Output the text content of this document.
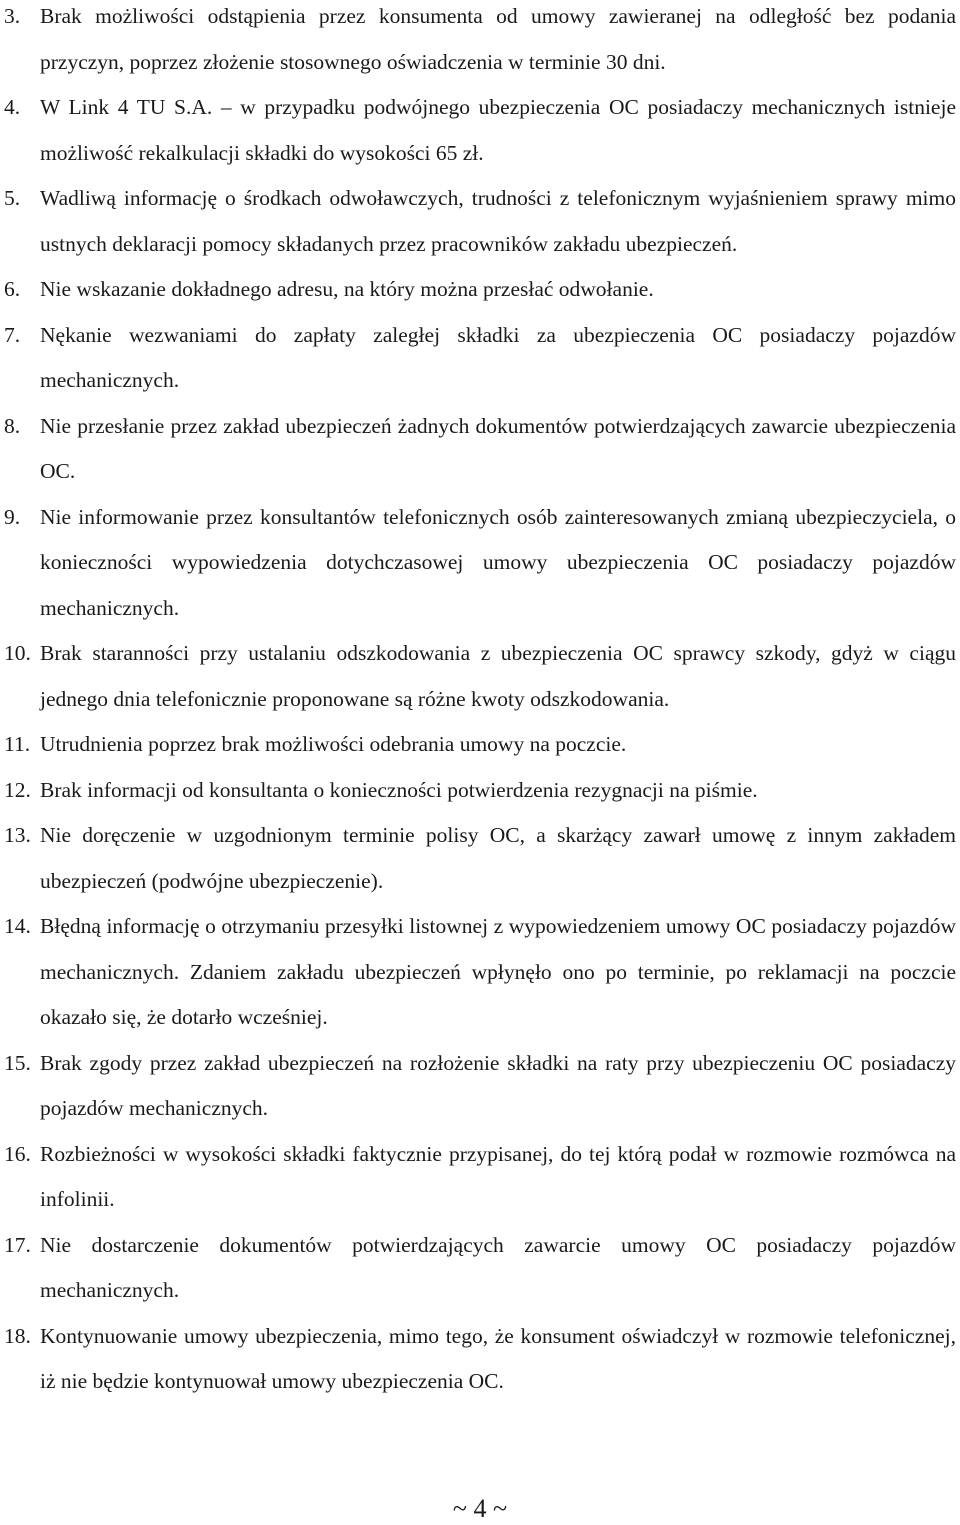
3. Brak możliwości odstąpienia przez konsumenta od umowy zawieranej na odległość bez podania przyczyn, poprzez złożenie stosownego oświadczenia w terminie 30 dni.
4. W Link 4 TU S.A. – w przypadku podwójnego ubezpieczenia OC posiadaczy mechanicznych istnieje możliwość rekalkulacji składki do wysokości 65 zł.
5. Wadliwą informację o środkach odwoławczych, trudności z telefonicznym wyjaśnieniem sprawy mimo ustnych deklaracji pomocy składanych przez pracowników zakładu ubezpieczeń.
6. Nie wskazanie dokładnego adresu, na który można przesłać odwołanie.
7. Nękanie wezwaniami do zapłaty zaległej składki za ubezpieczenia OC posiadaczy pojazdów mechanicznych.
8. Nie przesłanie przez zakład ubezpieczeń żadnych dokumentów potwierdzających zawarcie ubezpieczenia OC.
9. Nie informowanie przez konsultantów telefonicznych osób zainteresowanych zmianą ubezpieczyciela, o konieczności wypowiedzenia dotychczasowej umowy ubezpieczenia OC posiadaczy pojazdów mechanicznych.
10. Brak staranności przy ustalaniu odszkodowania z ubezpieczenia OC sprawcy szkody, gdyż w ciągu jednego dnia telefonicznie proponowane są różne kwoty odszkodowania.
11. Utrudnienia poprzez brak możliwości odebrania umowy na poczcie.
12. Brak informacji od konsultanta o konieczności potwierdzenia rezygnacji na piśmie.
13. Nie doręczenie w uzgodnionym terminie polisy OC, a skarżący zawarł umowę z innym zakładem ubezpieczeń (podwójne ubezpieczenie).
14. Błędną informację o otrzymaniu przesyłki listownej z wypowiedzeniem umowy OC posiadaczy pojazdów mechanicznych. Zdaniem zakładu ubezpieczeń wpłynęło ono po terminie, po reklamacji na poczcie okazało się, że dotarło wcześniej.
15. Brak zgody przez zakład ubezpieczeń na rozłożenie składki na raty przy ubezpieczeniu OC posiadaczy pojazdów mechanicznych.
16. Rozbieżności w wysokości składki faktycznie przypisanej, do tej którą podał w rozmowie rozmówca na infolinii.
17. Nie dostarczenie dokumentów potwierdzających zawarcie umowy OC posiadaczy pojazdów mechanicznych.
18. Kontynuowanie umowy ubezpieczenia, mimo tego, że konsument oświadczył w rozmowie telefonicznej, iż nie będzie kontynuował umowy ubezpieczenia OC.
~ 4 ~
